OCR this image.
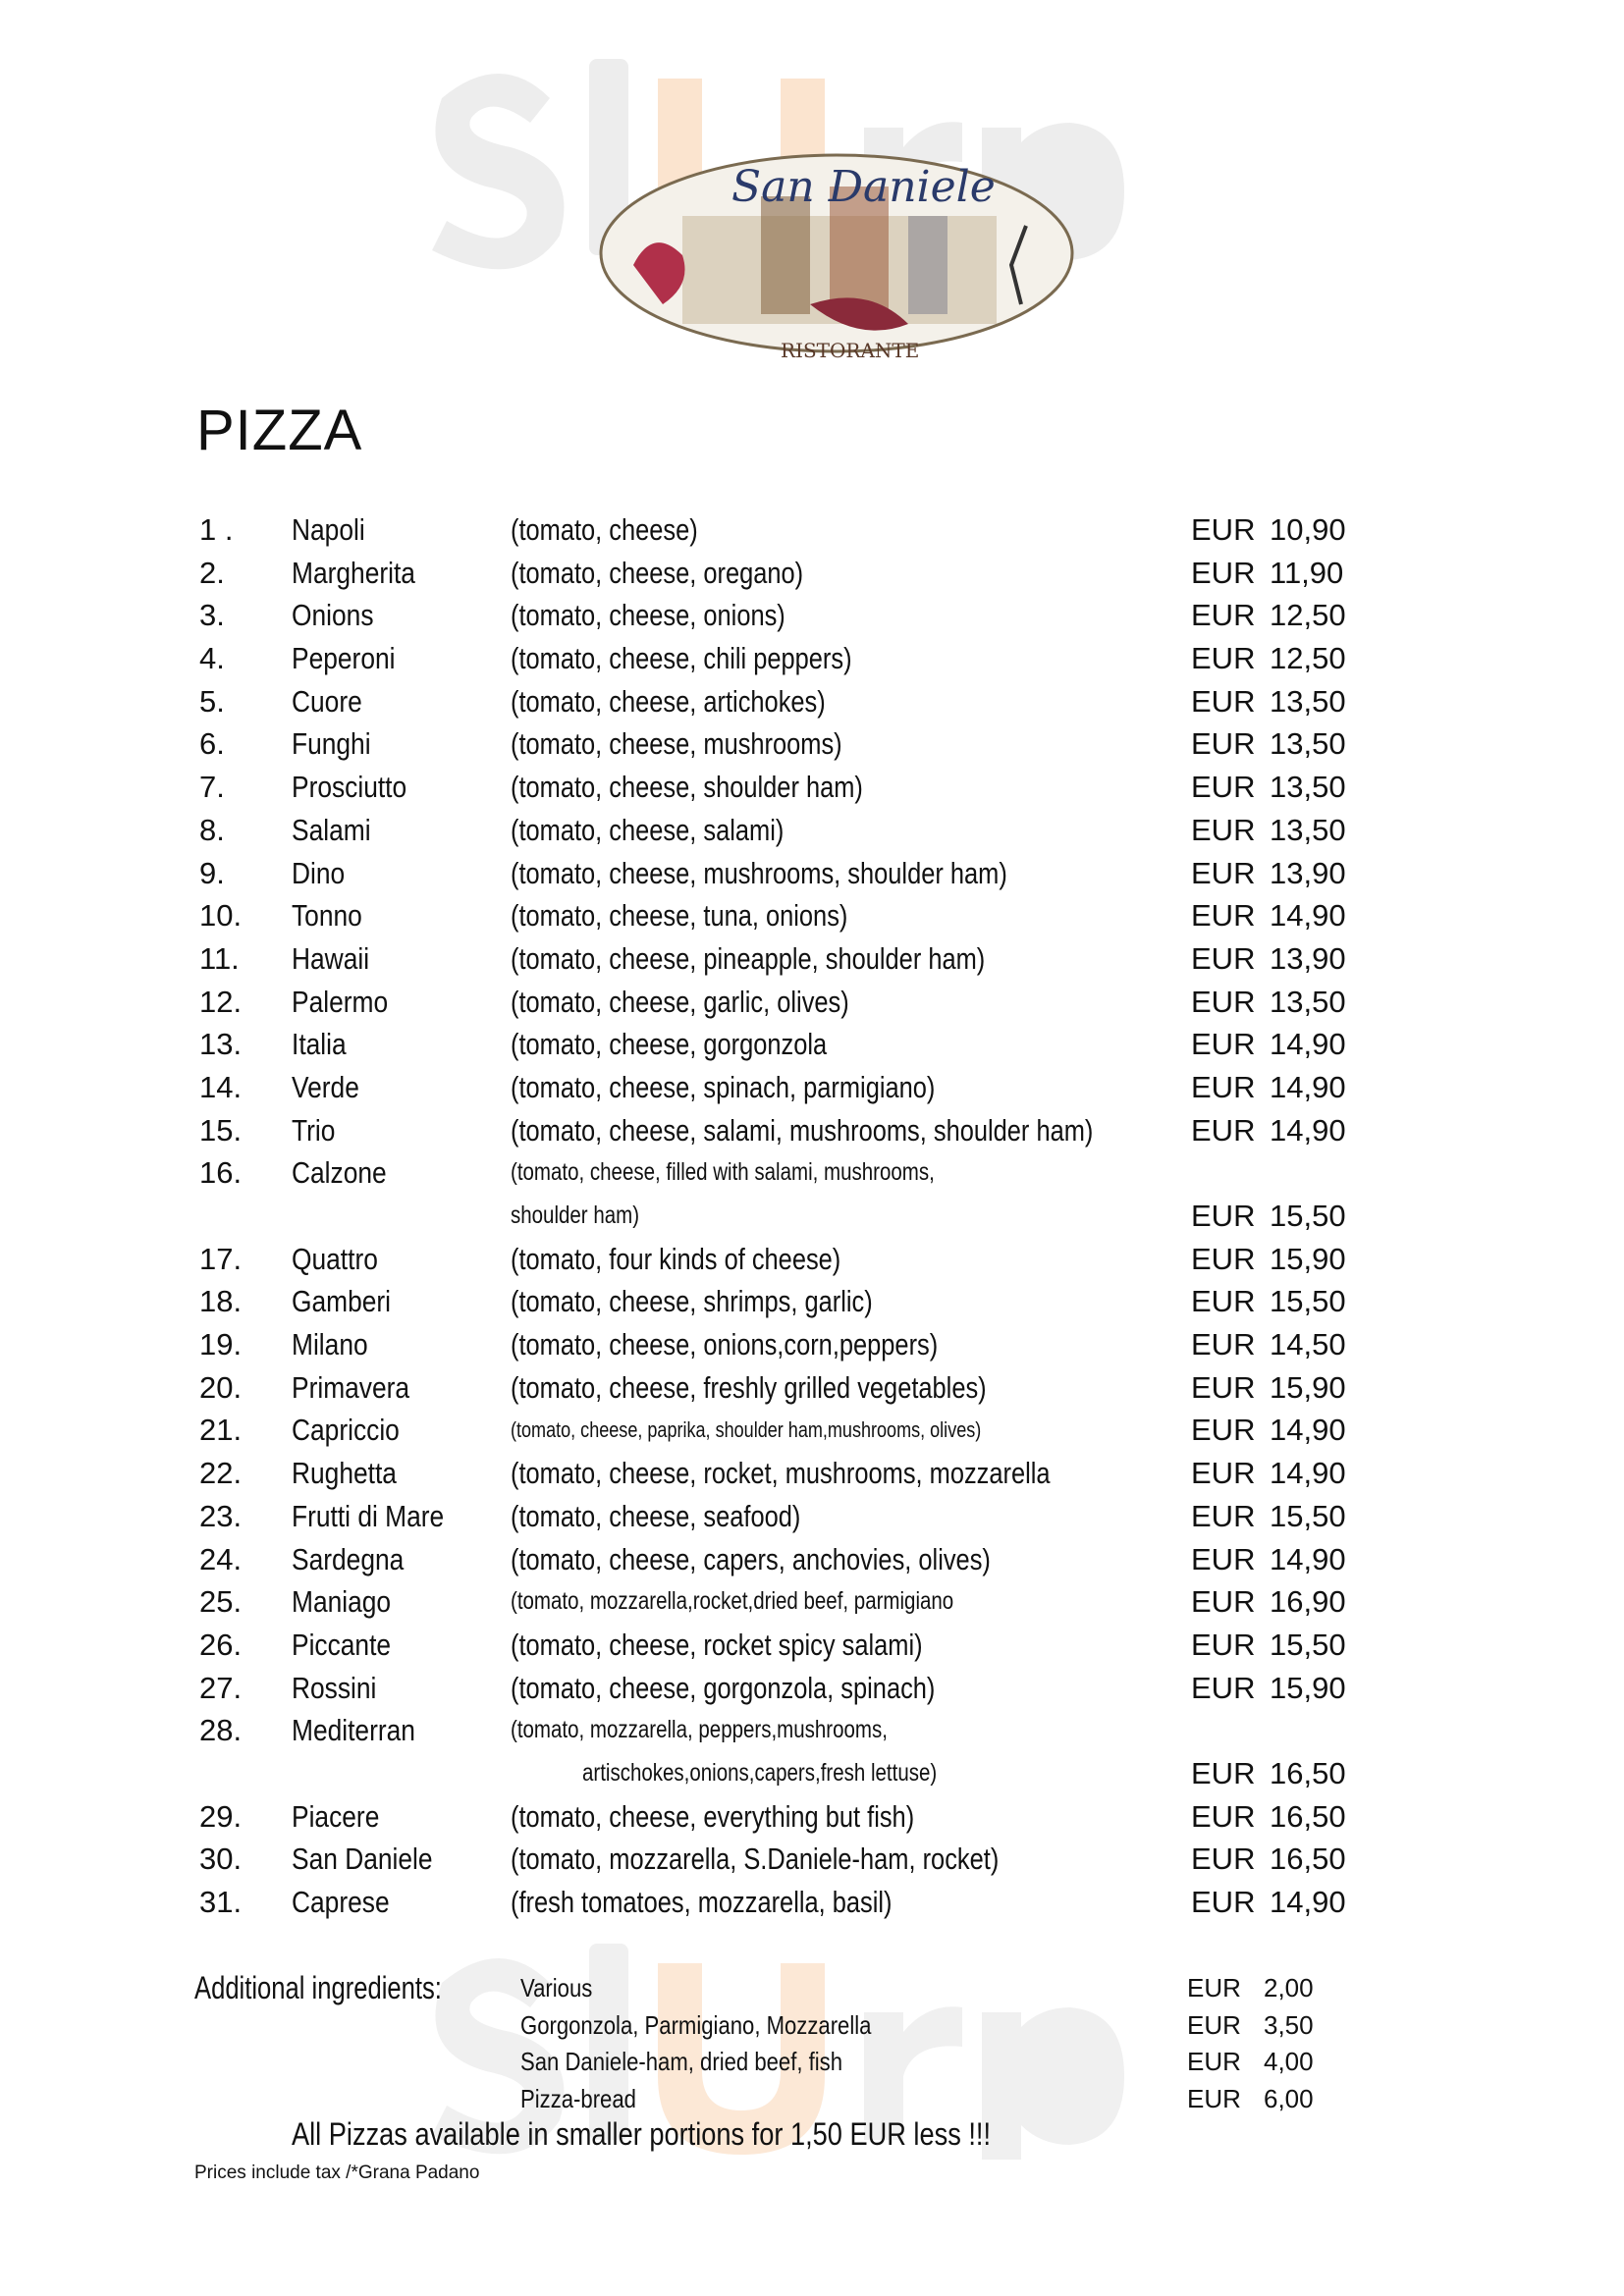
San Daniele
RISTORANTE
PIZZA
1 . Napoli	(tomato, cheese)	EUR 10,90
2. Margherita	(tomato, cheese, oregano)	EUR 11,90
3. Onions	(tomato, cheese, onions)	EUR 12,50
4. Peperoni	(tomato, cheese, chili peppers)	EUR 12,50
5. Cuore	(tomato, cheese, artichokes)	EUR 13,50
6. Funghi	(tomato, cheese, mushrooms)	EUR 13,50
7. Prosciutto	(tomato, cheese, shoulder ham)	EUR 13,50
8. Salami	(tomato, cheese, salami)	EUR 13,50
9. Dino	(tomato, cheese, mushrooms, shoulder ham)	EUR 13,90
10. Tonno	(tomato, cheese, tuna, onions)	EUR 14,90
11. Hawaii	(tomato, cheese, pineapple, shoulder ham)	EUR 13,90
12. Palermo	(tomato, cheese, garlic, olives)	EUR 13,50
13. Italia	(tomato, cheese, gorgonzola	EUR 14,90
14. Verde	(tomato, cheese, spinach, parmigiano)	EUR 14,90
15. Trio	(tomato, cheese, salami, mushrooms, shoulder ham)	EUR 14,90
16. Calzone	(tomato, cheese, filled with salami, mushrooms,
shoulder ham)	EUR 15,50
17. Quattro	(tomato, four kinds of cheese)	EUR 15,90
18. Gamberi	(tomato, cheese, shrimps, garlic)	EUR 15,50
19. Milano	(tomato, cheese, onions,corn,peppers)	EUR 14,50
20. Primavera	(tomato, cheese, freshly grilled vegetables)	EUR 15,90
21. Capriccio	(tomato, cheese, paprika, shoulder ham,mushrooms, olives)	EUR 14,90
22. Rughetta	(tomato, cheese, rocket, mushrooms, mozzarella	EUR 14,90
23. Frutti di Mare (tomato, cheese, seafood)	EUR 15,50
24. Sardegna	(tomato, cheese, capers, anchovies, olives)	EUR 14,90
25. Maniago	(tomato, mozzarella,rocket,dried beef, parmigiano	EUR 16,90
26. Piccante	(tomato, cheese, rocket spicy salami)	EUR 15,50
27. Rossini	(tomato, cheese, gorgonzola, spinach)	EUR 15,90
28. Mediterran	(tomato, mozzarella, peppers,mushrooms,
artischokes,onions,capers,fresh lettuse)	EUR 16,50
29. Piacere	(tomato, cheese, everything but fish)	EUR 16,50
30. San Daniele	(tomato, mozzarella, S.Daniele-ham, rocket)	EUR 16,50
31. Caprese	(fresh tomatoes, mozzarella, basil)	EUR 14,90
Additional ingredients:	Various	EUR 2,00
Gorgonzola, Parmigiano, Mozzarella	EUR 3,50
San Daniele-ham, dried beef, fish	EUR 4,00
Pizza-bread	EUR 6,00
All Pizzas available in smaller portions for 1,50 EUR less !!!
Prices include tax /*Grana Padano
